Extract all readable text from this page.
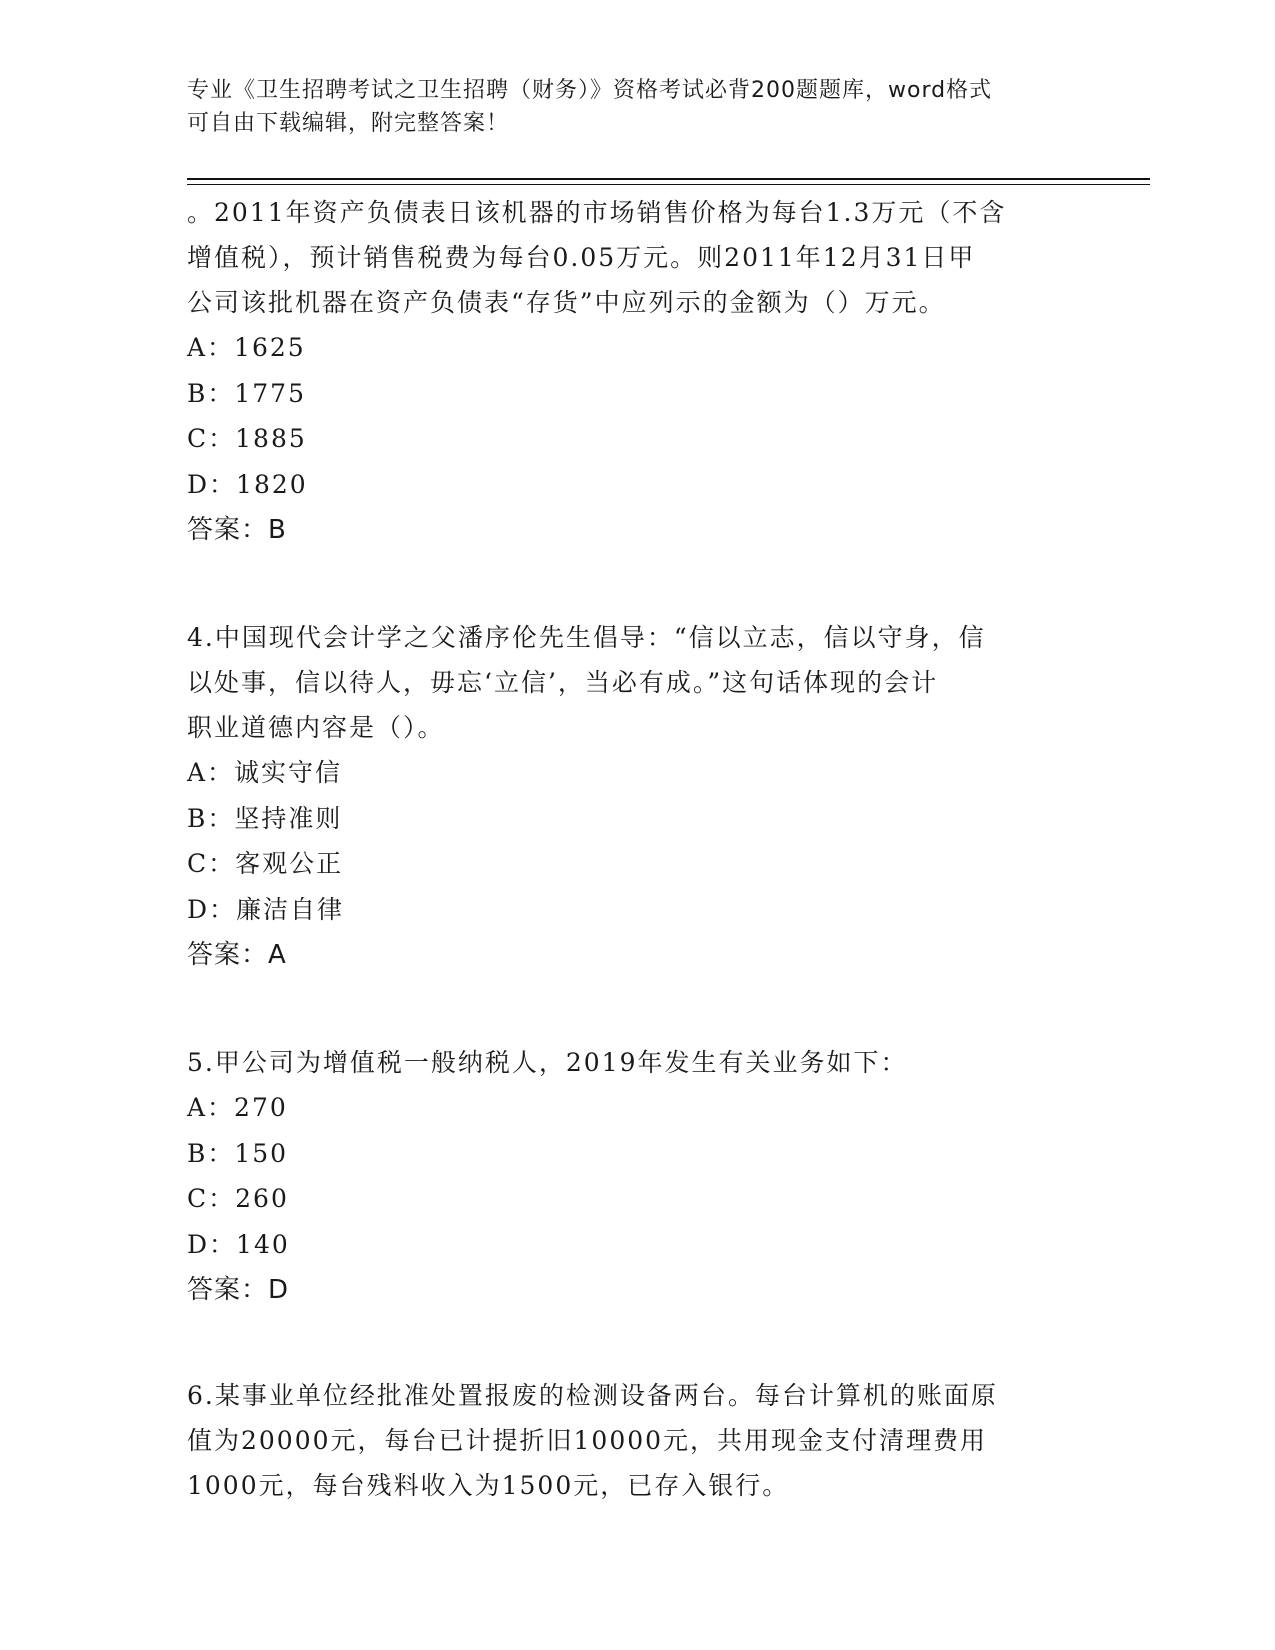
专业《卫生招聘考试之卫生招聘（财务）》资格考试必背200题题库，word格式
可自由下载编辑，附完整答案！

。2011年资产负债表日该机器的市场销售价格为每台1.3万元（不含

增值税），预计销售税费为每台0.05万元。则2011年12月31日甲

公司该批机器在资产负债表“存货”中应列示的金额为（）万元。

A：1625

B：1775

C：1885

D：1820

答案：B

4.中国现代会计学之父潘序伦先生倡导：“信以立志，信以守身，信

以处事，信以待人，毋忘‘立信’，当必有成。”这句话体现的会计

职业道德内容是（）。

A：诚实守信

B：坚持准则

C：客观公正

D：廉洁自律

答案：A

5.甲公司为增值税一般纳税人，2019年发生有关业务如下：

A：270

B：150

C：260

D：140

答案：D

6.某事业单位经批准处置报废的检测设备两台。每台计算机的账面原

值为20000元，每台已计提折旧10000元，共用现金支付清理费用

1000元，每台残料收入为1500元，已存入银行。
